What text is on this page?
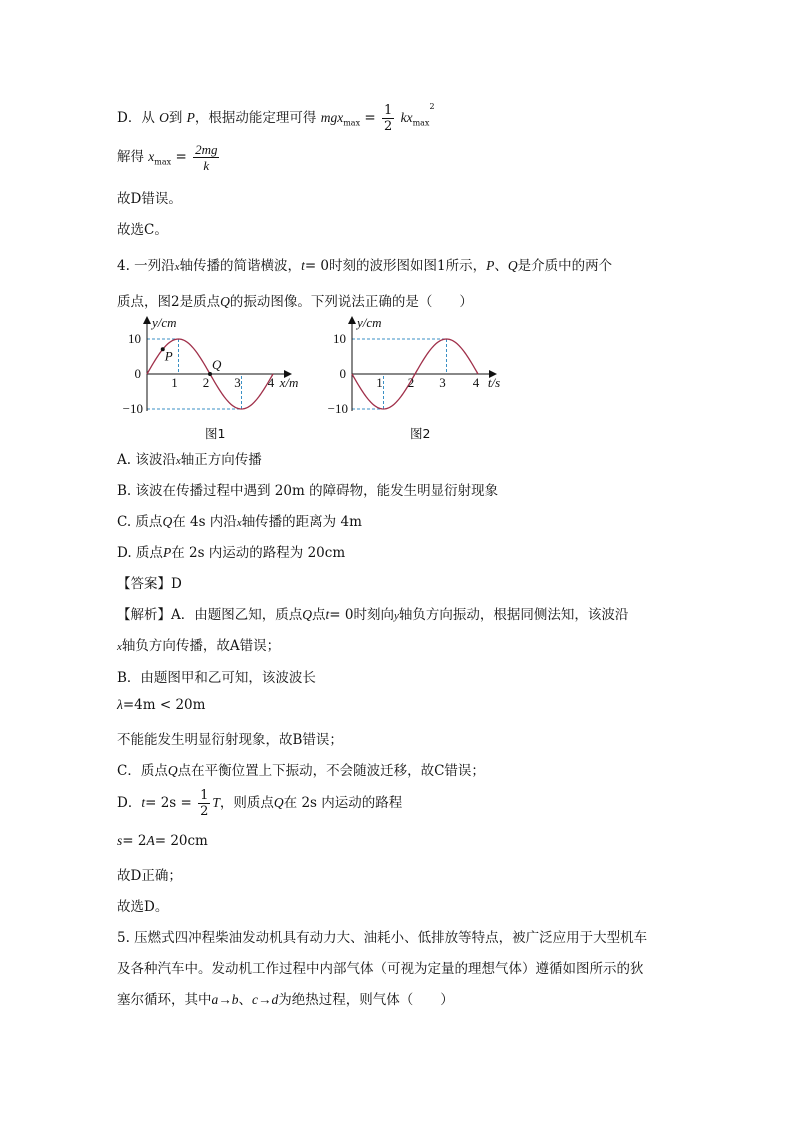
D．从 O到 P，根据动能定理可得 $mgx_{max} = \frac{1}{2} kx_{max}^2$
解得 $x_{max} = \frac{2mg}{k}$
故D错误。
故选C。
4. 一列沿x轴传播的简谐横波，t= 0时刻的波形图如图1所示，P、Q是介质中的两个
质点，图2是质点Q的振动图像。下列说法正确的是（　　）
1 2 3 4
10
0
−10
x/m
y/cm
P
Q
1 2 3 4
10
0
−10
t/s
y/cm
图1	图2
A. 该波沿x轴正方向传播
B. 该波在传播过程中遇到 20m 的障碍物，能发生明显衍射现象
C. 质点Q在 4s 内沿x轴传播的距离为 4m
D. 质点P在 2s 内运动的路程为 20cm
【答案】D
【解析】A．由题图乙知，质点Q点t= 0时刻向y轴负方向振动，根据同侧法知，该波沿
x轴负方向传播，故A错误；
B．由题图甲和乙可知，该波波长
λ=4m < 20m
不能能发生明显衍射现象，故B错误；
C．质点Q点在平衡位置上下振动，不会随波迁移，故C错误；
D．$t= 2s = \frac{1}{2}$ T，则质点Q在 2s 内运动的路程
s= 2A= 20cm
故D正确；
故选D。
5. 压燃式四冲程柴油发动机具有动力大、油耗小、低排放等特点，被广泛应用于大型机车
及各种汽车中。发动机工作过程中内部气体（可视为定量的理想气体）遵循如图所示的狄
塞尔循环，其中a→b、c→d为绝热过程，则气体（　　）
